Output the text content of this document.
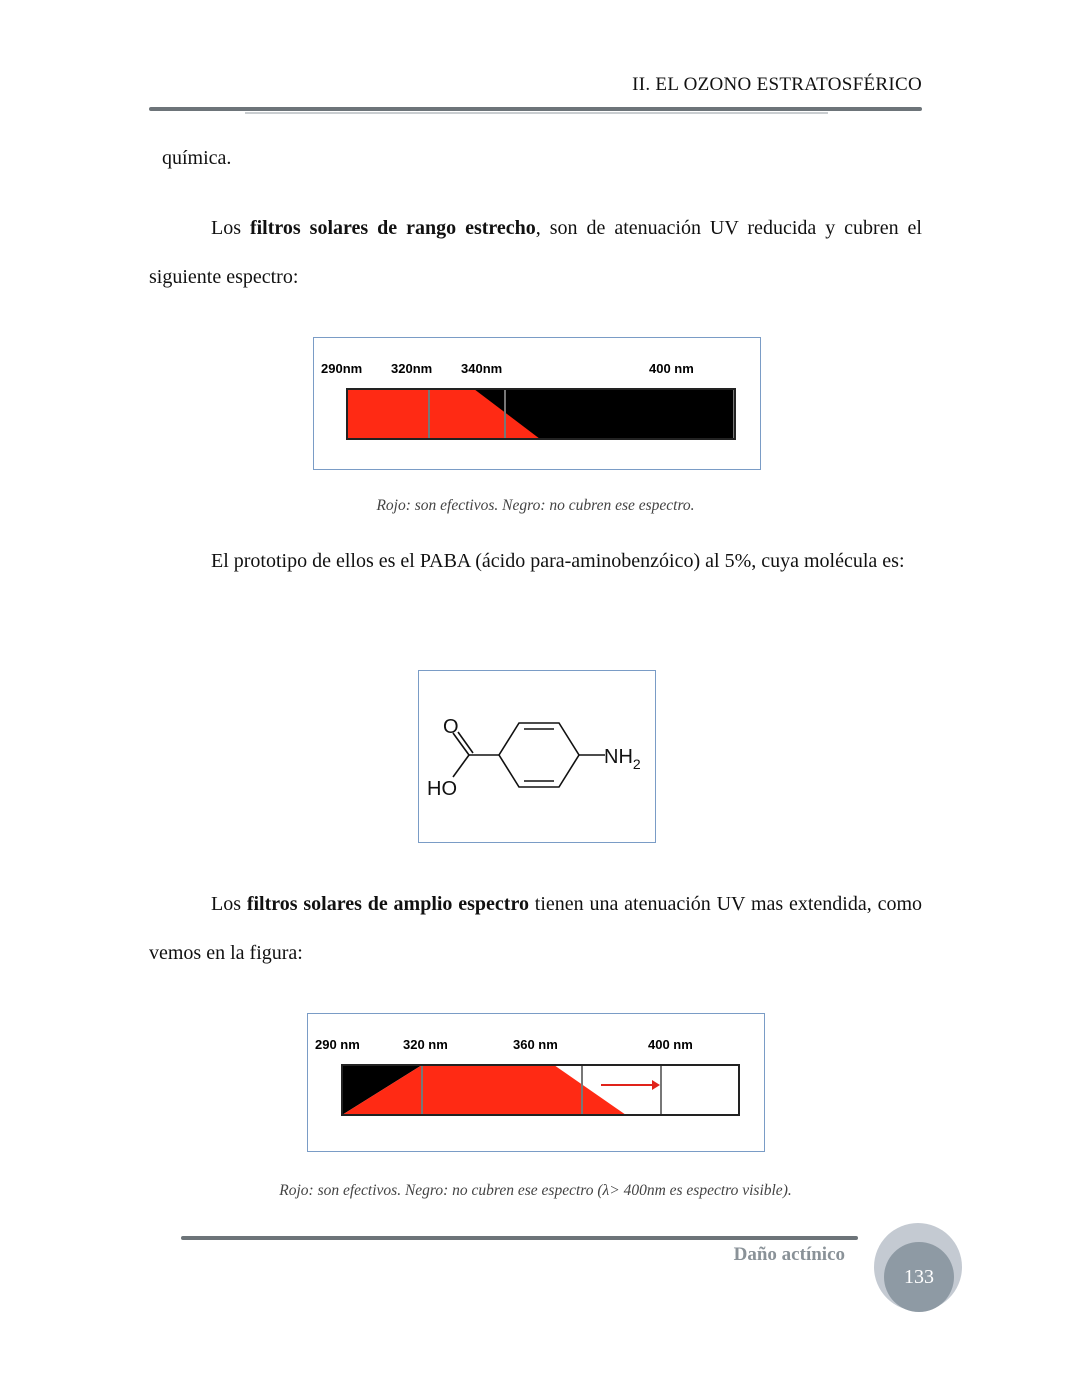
II. EL OZONO ESTRATOSFÉRICO
química.
Los filtros solares de rango estrecho, son de atenuación UV reducida y cubren el siguiente espectro:
290nm 320nm 340nm	400 nm
Rojo: son efectivos. Negro: no cubren ese espectro.
El prototipo de ellos es el PABA (ácido para-aminobenzóico) al 5%, cuya molécula es:
O
HO
$NH_2$
Los filtros solares de amplio espectro tienen una atenuación UV mas extendida, como vemos en la figura:
290 nm	320 nm	360 nm	400 nm
Rojo: son efectivos. Negro: no cubren ese espectro (λ> 400nm es espectro visible).
Daño actínico
133
